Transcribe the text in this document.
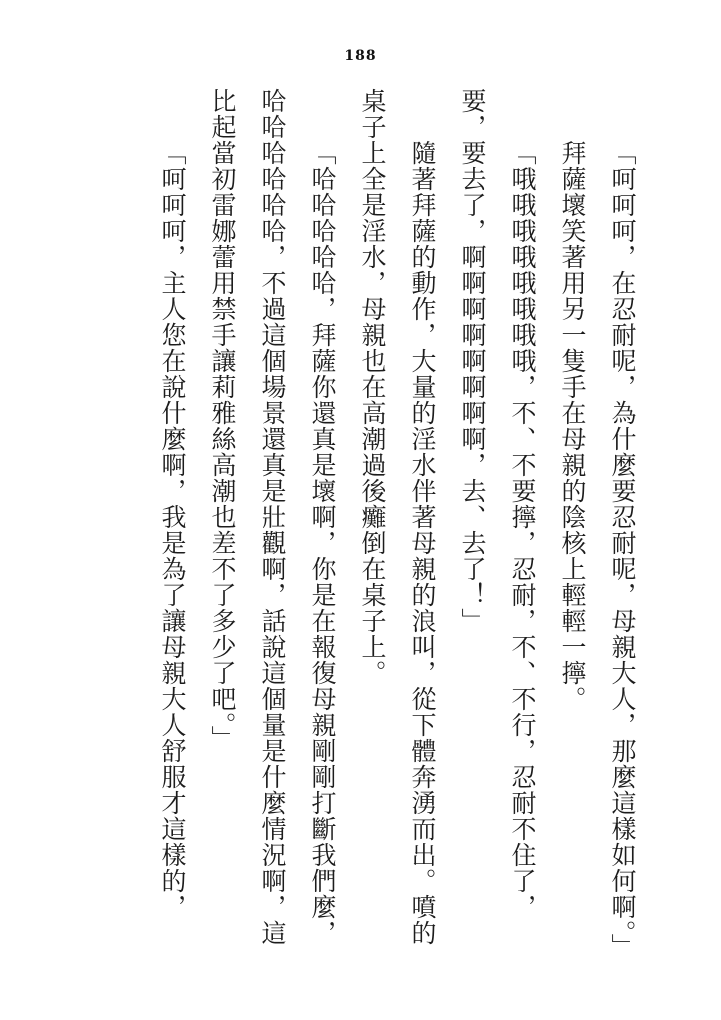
188

「呵呵呵，在忍耐呢，為什麼要忍耐呢，母親大人，那麼這樣如何啊。」

拜薩壞笑著用另一隻手在母親的陰核上輕輕一擰。

「哦哦哦哦哦哦哦哦，不、不要擰，忍耐，不、不行，忍耐不住了，要，要去了，啊啊啊啊啊啊啊啊，去、去了！」

隨著拜薩的動作，大量的淫水伴著母親的浪叫，從下體奔湧而出。噴的桌子上全是淫水，母親也在高潮過後癱倒在桌子上。

「哈哈哈哈哈，拜薩你還真是壞啊，你是在報復母親剛剛打斷我們麼，哈哈哈哈哈哈，不過這個場景還真是壯觀啊，話說這個量是什麼情況啊，這比起當初雷娜蕾用禁手讓莉雅絲高潮也差不了多少了吧。」

「呵呵呵，主人您在說什麼啊，我是為了讓母親大人舒服才這樣的，
